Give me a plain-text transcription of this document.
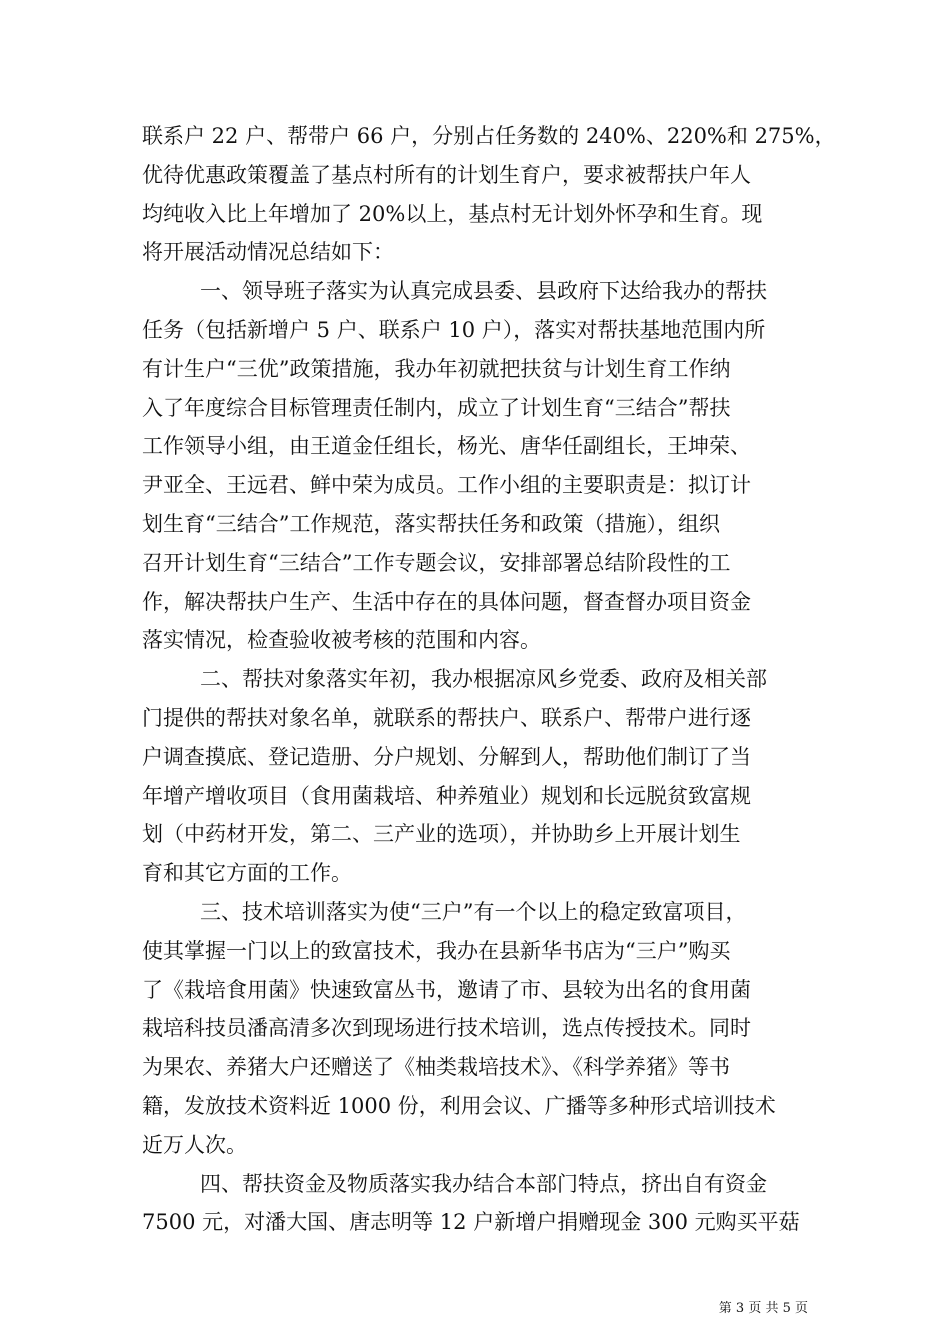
联系户 22 户、帮带户 66 户，分别占任务数的 240%、220%和 275%，
优待优惠政策覆盖了基点村所有的计划生育户，要求被帮扶户年人
均纯收入比上年增加了 20%以上，基点村无计划外怀孕和生育。现
将开展活动情况总结如下：
一、领导班子落实为认真完成县委、县政府下达给我办的帮扶
任务（包括新增户 5 户、联系户 10 户），落实对帮扶基地范围内所
有计生户“三优”政策措施，我办年初就把扶贫与计划生育工作纳
入了年度综合目标管理责任制内，成立了计划生育“三结合”帮扶
工作领导小组，由王道金任组长，杨光、唐华任副组长，王坤荣、
尹亚全、王远君、鲜中荣为成员。工作小组的主要职责是：拟订计
划生育“三结合”工作规范，落实帮扶任务和政策（措施），组织
召开计划生育“三结合”工作专题会议，安排部署总结阶段性的工
作，解决帮扶户生产、生活中存在的具体问题，督查督办项目资金
落实情况，检查验收被考核的范围和内容。
二、帮扶对象落实年初，我办根据凉风乡党委、政府及相关部
门提供的帮扶对象名单，就联系的帮扶户、联系户、帮带户进行逐
户调查摸底、登记造册、分户规划、分解到人，帮助他们制订了当
年增产增收项目（食用菌栽培、种养殖业）规划和长远脱贫致富规
划（中药材开发，第二、三产业的选项），并协助乡上开展计划生
育和其它方面的工作。
三、技术培训落实为使“三户”有一个以上的稳定致富项目，
使其掌握一门以上的致富技术，我办在县新华书店为“三户”购买
了《栽培食用菌》快速致富丛书，邀请了市、县较为出名的食用菌
栽培科技员潘高清多次到现场进行技术培训，选点传授技术。同时
为果农、养猪大户还赠送了《柚类栽培技术》、《科学养猪》等书
籍，发放技术资料近 1000 份，利用会议、广播等多种形式培训技术
近万人次。
四、帮扶资金及物质落实我办结合本部门特点，挤出自有资金
7500 元，对潘大国、唐志明等 12 户新增户捐赠现金 300 元购买平菇
第 3 页 共 5 页
